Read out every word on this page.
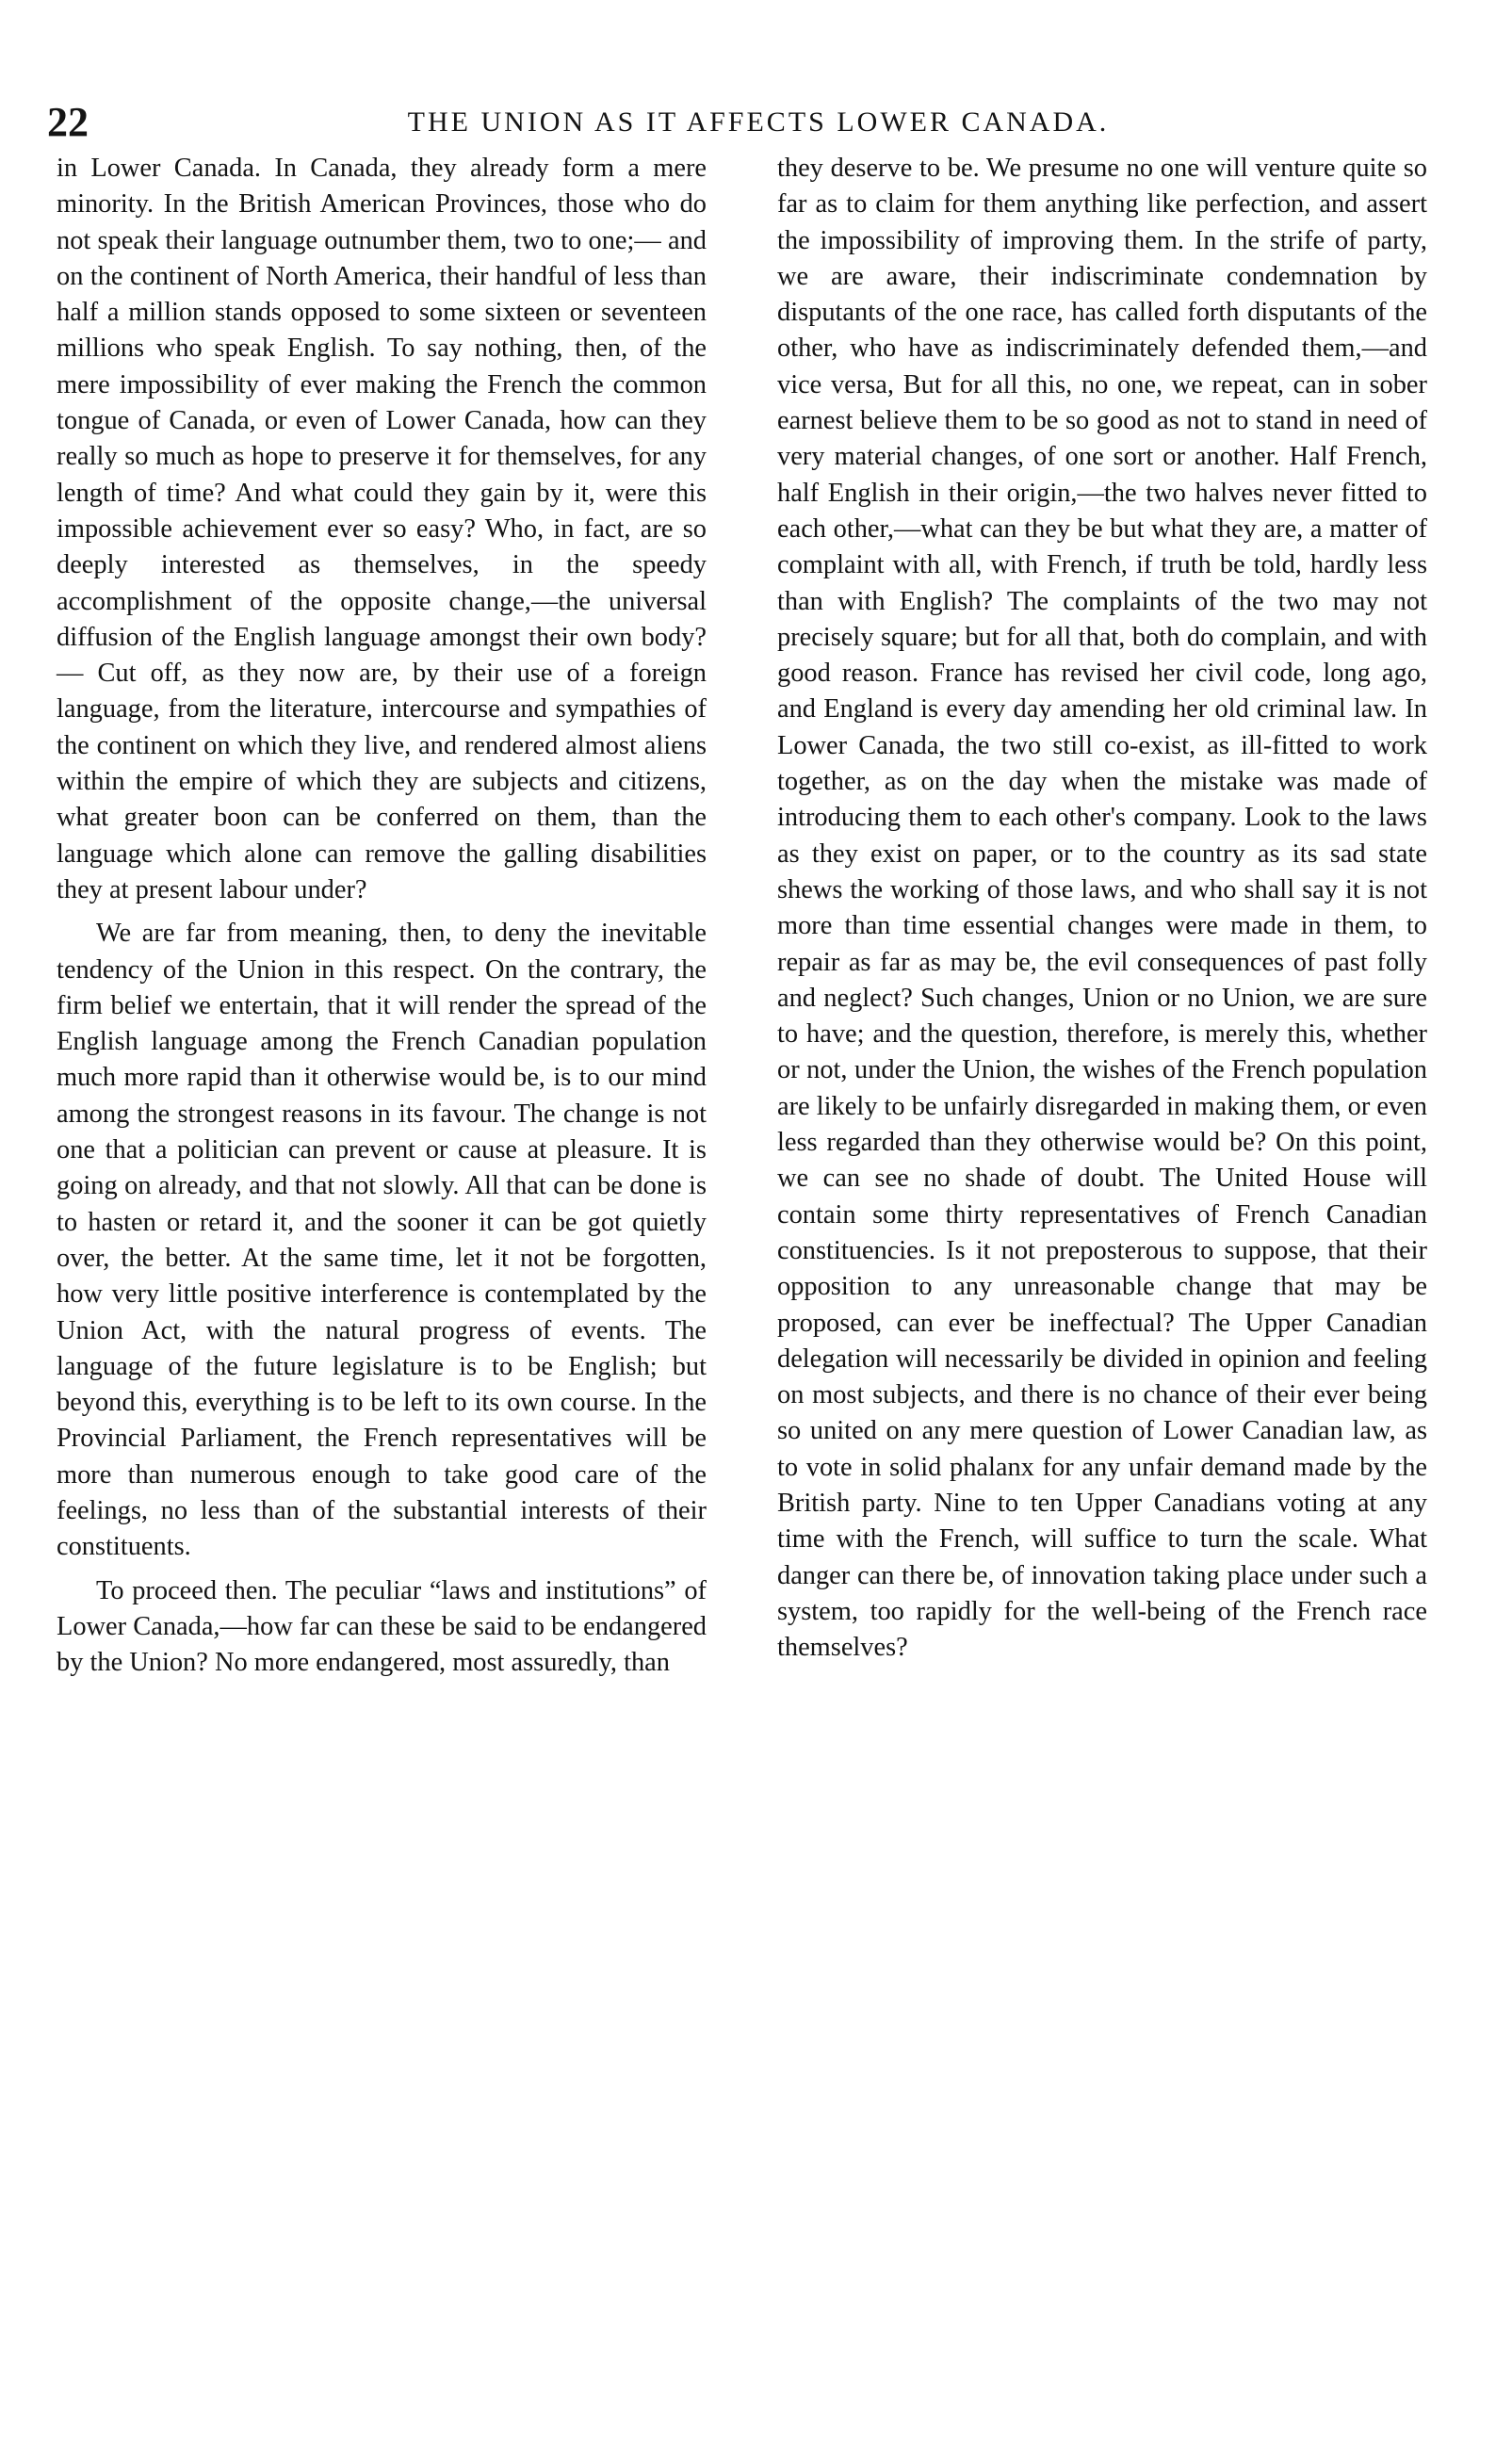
22	THE UNION AS IT AFFECTS LOWER CANADA.

in Lower Canada. In Canada, they already form a mere minority. In the British American Provinces, those who do not speak their language outnumber them, two to one;— and on the continent of North America, their handful of less than half a million stands opposed to some sixteen or seventeen millions who speak English. To say nothing, then, of the mere impossibility of ever making the French the common tongue of Canada, or even of Lower Canada, how can they really so much as hope to preserve it for themselves, for any length of time? And what could they gain by it, were this impossible achievement ever so easy? Who, in fact, are so deeply interested as themselves, in the speedy accomplishment of the opposite change,—the universal diffusion of the English language amongst their own body?— Cut off, as they now are, by their use of a foreign language, from the literature, intercourse and sympathies of the continent on which they live, and rendered almost aliens within the empire of which they are subjects and citizens, what greater boon can be conferred on them, than the language which alone can remove the galling disabilities they at present labour under?

We are far from meaning, then, to deny the inevitable tendency of the Union in this respect. On the contrary, the firm belief we entertain, that it will render the spread of the English language among the French Canadian population much more rapid than it otherwise would be, is to our mind among the strongest reasons in its favour. The change is not one that a politician can prevent or cause at pleasure. It is going on already, and that not slowly. All that can be done is to hasten or retard it, and the sooner it can be got quietly over, the better. At the same time, let it not be forgotten, how very little positive interference is contemplated by the Union Act, with the natural progress of events. The language of the future legislature is to be English; but beyond this, everything is to be left to its own course. In the Provincial Parliament, the French representatives will be more than numerous enough to take good care of the feelings, no less than of the substantial interests of their constituents.

To proceed then. The peculiar “laws and institutions” of Lower Canada,—how far can these be said to be endangered by the Union? No more endangered, most assuredly, than

they deserve to be. We presume no one will venture quite so far as to claim for them anything like perfection, and assert the impossibility of improving them. In the strife of party, we are aware, their indiscriminate condemnation by disputants of the one race, has called forth disputants of the other, who have as indiscriminately defended them,—and vice versa, But for all this, no one, we repeat, can in sober earnest believe them to be so good as not to stand in need of very material changes, of one sort or another. Half French, half English in their origin,—the two halves never fitted to each other,—what can they be but what they are, a matter of complaint with all, with French, if truth be told, hardly less than with English? The complaints of the two may not precisely square; but for all that, both do complain, and with good reason. France has revised her civil code, long ago, and England is every day amending her old criminal law. In Lower Canada, the two still co-exist, as ill-fitted to work together, as on the day when the mistake was made of introducing them to each other's company. Look to the laws as they exist on paper, or to the country as its sad state shews the working of those laws, and who shall say it is not more than time essential changes were made in them, to repair as far as may be, the evil consequences of past folly and neglect? Such changes, Union or no Union, we are sure to have; and the question, therefore, is merely this, whether or not, under the Union, the wishes of the French population are likely to be unfairly disregarded in making them, or even less regarded than they otherwise would be? On this point, we can see no shade of doubt. The United House will contain some thirty representatives of French Canadian constituencies. Is it not preposterous to suppose, that their opposition to any unreasonable change that may be proposed, can ever be ineffectual? The Upper Canadian delegation will necessarily be divided in opinion and feeling on most subjects, and there is no chance of their ever being so united on any mere question of Lower Canadian law, as to vote in solid phalanx for any unfair demand made by the British party. Nine to ten Upper Canadians voting at any time with the French, will suffice to turn the scale. What danger can there be, of innovation taking place under such a system, too rapidly for the well-being of the French race themselves?
